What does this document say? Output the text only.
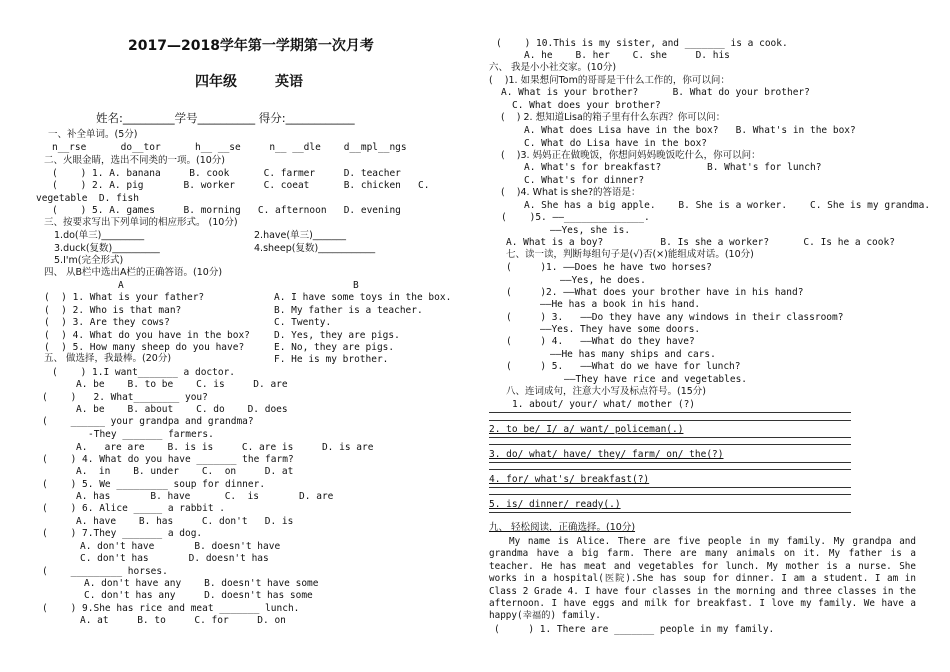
2017—2018学年第一学期第一次月考
四年级	英语
姓名:_________学号__________ 得分:____________
一、补全单词。(5分)
n__rse      do__tor      h__ __se     n__ __dle    d__mpl__ngs
二、火眼金睛，选出不同类的一项。(10分)
(    ) 1. A. banana     B. cook      C. farmer     D. teacher
(    ) 2. A. pig       B. worker     C. coeat      B. chicken   C.
vegetable  D. fish
(    ) 5. A. games     B. morning   C. afternoon   D. evening
三、按要求写出下列单词的相应形式。 (10分)
1.do(单三)_________	2.have(单三)_______
3.duck(复数)__________	4.sheep(复数)____________
5.I'm(完全形式)
四、 从B栏中选出A栏的正确答语。(10分)
A	B
(  ) 1. What is your father?	A. I have some toys in the box.
(  ) 2. Who is that man?	B. My father is a teacher.
(  ) 3. Are they cows?	C. Twenty.
(  ) 4. What do you have in the box?	D. Yes, they are pigs.
(  ) 5. How many sheep do you have?	E. No, they are pigs.
F. He is my brother.
五、 做选择，我最棒。(20分)
(    ) 1.I want_______ a doctor.
A. be    B. to be    C. is     D. are
(    )   2. What________ you?
A. be    B. about    C. do    D. does
(    ______ your grandpa and grandma?
-They _______ farmers.
A.   are are    B. is is     C. are is     D. is are
(    ) 4. What do you have _______ the farm?
A.  in    B. under    C.  on     D. at
(    ) 5. We _________ soup for dinner.
A. has       B. have      C.  is       D. are
(    ) 6. Alice _____ a rabbit .
A. have    B. has     C. don't   D. is
(    ) 7.They _______ a dog.
A. don't have       B. doesn't have
C. don't has       D. doesn't has
(    _________ horses.
A. don't have any    B. doesn't have some
C. don't has any     D. doesn't has some
(    ) 9.She has rice and meat _______ lunch.
A. at     B. to     C. for     D. on
(    ) 10.This is my sister, and _______ is a cook.
A. he    B. her    C. she     D. his
六、 我是小小社交家。(10分)
(    )1. 如果想问Tom的哥哥是干什么工作的，你可以问：
A. What is your brother?      B. What do your brother?
C. What does your brother?
(    ) 2. 想知道Lisa的箱子里有什么东西？你可以问：
A. What does Lisa have in the box?   B. What's in the box?
C. What do Lisa have in the box?
(    )3. 妈妈正在做晚饭，你想问妈妈晚饭吃什么，你可以问：
A. What's for breakfast?        B. What's for lunch?
C. What's for dinner?
(    )4. What is she?的答语是：
A. She has a big apple.    B. She is a worker.    C. She is my grandma.
(    )5. ——______________.
——Yes, she is.
A. What is a boy?          B. Is she a worker?      C. Is he a cook?
七、读一读，判断每组句子是(√)否(×)能组成对话。(10分)
(     )1. ——Does he have two horses?
——Yes, he does.
(     )2. ——What does your brother have in his hand?
——He has a book in his hand.
(     ) 3.   ——Do they have any windows in their classroom?
——Yes. They have some doors.
(     ) 4.   ——What do they have?
——He has many ships and cars.
(     ) 5.   ——What do we have for lunch?
——They have rice and vegetables.
八、连词成句，注意大小写及标点符号。(15分)
1. about/ your/ what/ mother (?)
2. to be/ I/ a/ want/ policeman(.)
3. do/ what/ have/ they/ farm/ on/ the(?)
4. for/ what's/ breakfast(?)
5. is/ dinner/ ready(.)
九、 轻松阅读，正确选择。(10分)
My name is Alice. There are five people in my family. My grandpa and grandma have a big farm. There are many animals on it. My father is a teacher. He has meat and vegetables for lunch. My mother is a nurse. She works in a hospital(医院).She has soup for dinner. I am a student. I am in Class 2 Grade 4. I have four classes in the morning and three classes in the afternoon. I have eggs and milk for breakfast. I love my family. We have a happy(幸福的) family.
(     ) 1. There are _______ people in my family.
